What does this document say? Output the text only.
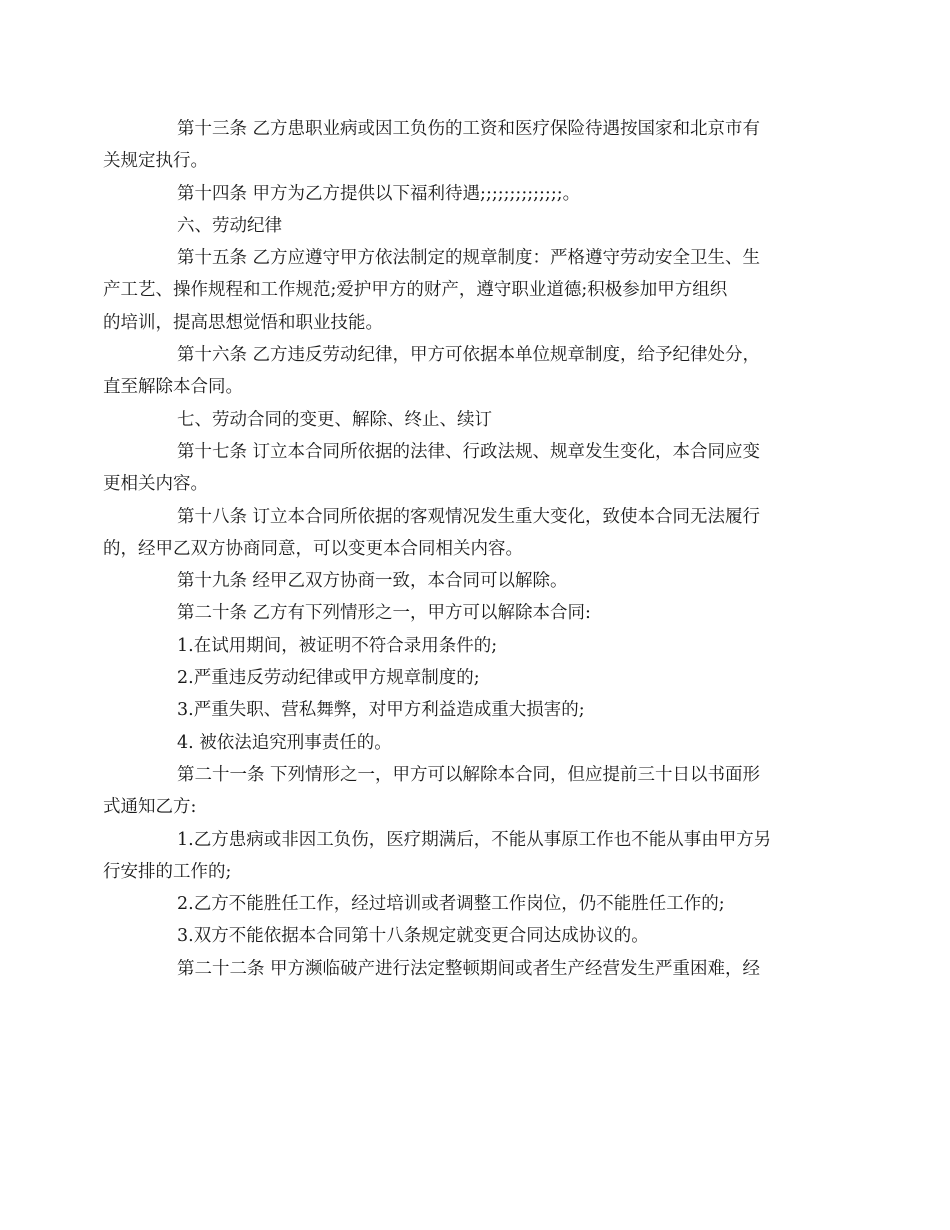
第十三条 乙方患职业病或因工负伤的工资和医疗保险待遇按国家和北京市有
关规定执行。

第十四条 甲方为乙方提供以下福利待遇;;;;;;;;;;;;;;。

六、劳动纪律

第十五条 乙方应遵守甲方依法制定的规章制度：严格遵守劳动安全卫生、生
产工艺、操作规程和工作规范;爱护甲方的财产，遵守职业道德;积极参加甲方组织
的培训，提高思想觉悟和职业技能。

第十六条 乙方违反劳动纪律，甲方可依据本单位规章制度，给予纪律处分，
直至解除本合同。

七、劳动合同的变更、解除、终止、续订

第十七条 订立本合同所依据的法律、行政法规、规章发生变化，本合同应变
更相关内容。

第十八条 订立本合同所依据的客观情况发生重大变化，致使本合同无法履行
的，经甲乙双方协商同意，可以变更本合同相关内容。

第十九条 经甲乙双方协商一致，本合同可以解除。

第二十条 乙方有下列情形之一，甲方可以解除本合同:

1.在试用期间，被证明不符合录用条件的;

2.严重违反劳动纪律或甲方规章制度的;

3.严重失职、营私舞弊，对甲方利益造成重大损害的;

4. 被依法追究刑事责任的。

第二十一条 下列情形之一，甲方可以解除本合同，但应提前三十日以书面形
式通知乙方:

1.乙方患病或非因工负伤，医疗期满后，不能从事原工作也不能从事由甲方另
行安排的工作的;

2.乙方不能胜任工作，经过培训或者调整工作岗位，仍不能胜任工作的;

3.双方不能依据本合同第十八条规定就变更合同达成协议的。

第二十二条 甲方濒临破产进行法定整顿期间或者生产经营发生严重困难，经
